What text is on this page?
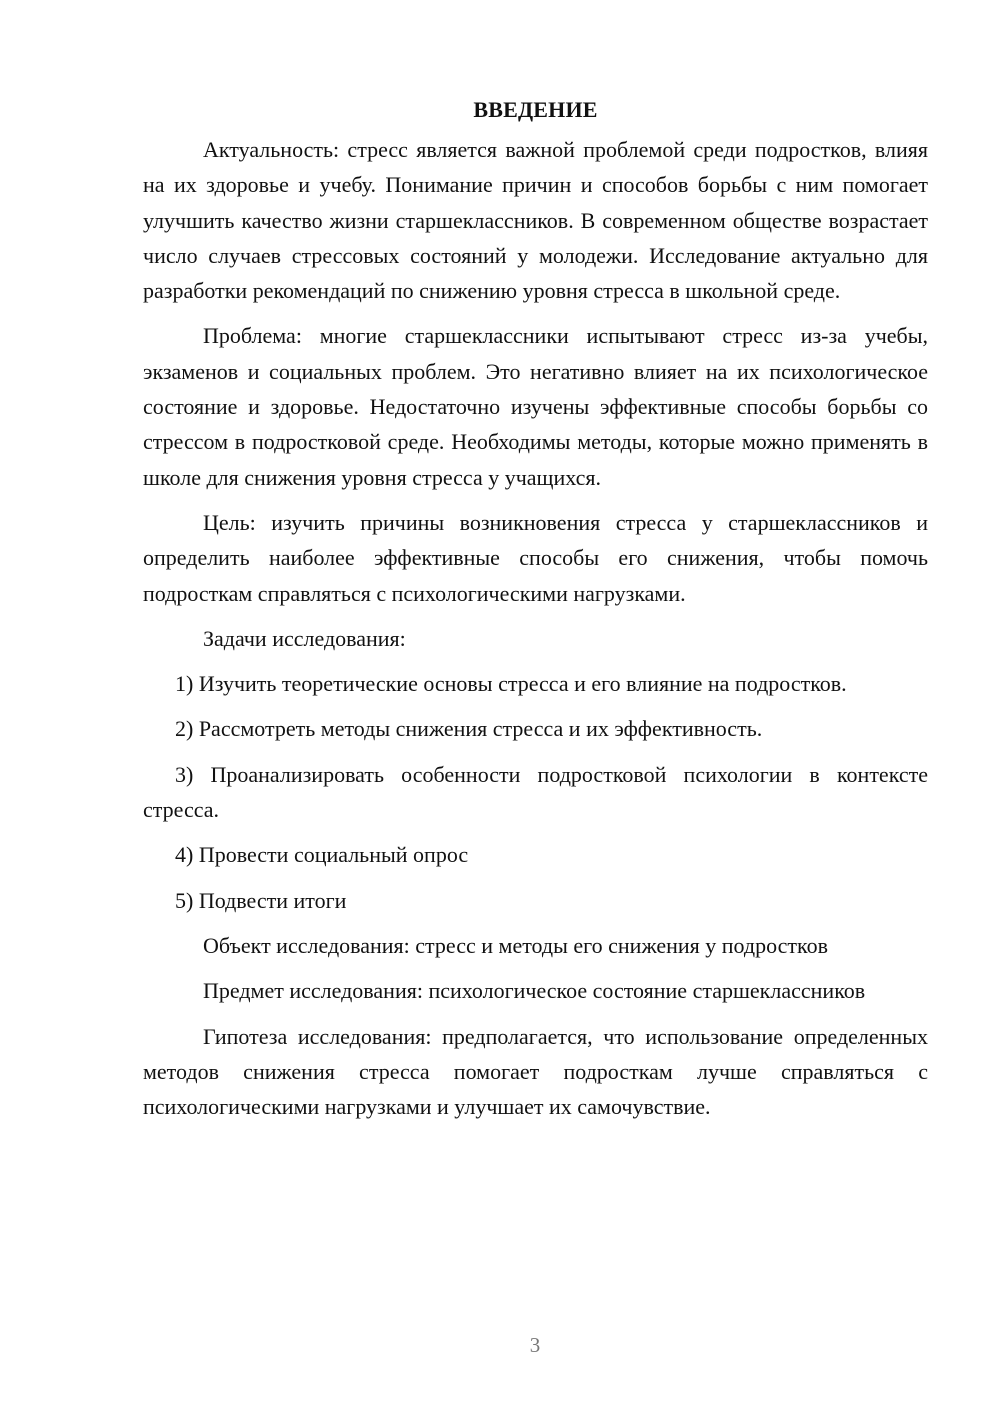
ВВЕДЕНИЕ

Актуальность: стресс является важной проблемой среди подростков, влияя на их здоровье и учебу. Понимание причин и способов борьбы с ним помогает улучшить качество жизни старшеклассников. В современном обществе возрастает число случаев стрессовых состояний у молодежи. Исследование актуально для разработки рекомендаций по снижению уровня стресса в школьной среде.

Проблема: многие старшеклассники испытывают стресс из-за учебы, экзаменов и социальных проблем. Это негативно влияет на их психологическое состояние и здоровье. Недостаточно изучены эффективные способы борьбы со стрессом в подростковой среде. Необходимы методы, которые можно применять в школе для снижения уровня стресса у учащихся.

Цель: изучить причины возникновения стресса у старшеклассников и определить наиболее эффективные способы его снижения, чтобы помочь подросткам справляться с психологическими нагрузками.

Задачи исследования:

1) Изучить теоретические основы стресса и его влияние на подростков.

2) Рассмотреть методы снижения стресса и их эффективность.

3) Проанализировать особенности подростковой психологии в контексте стресса.

4) Провести социальный опрос

5) Подвести итоги

Объект исследования: стресс и методы его снижения у подростков

Предмет исследования: психологическое состояние старшеклассников

Гипотеза исследования: предполагается, что использование определенных методов снижения стресса помогает подросткам лучше справляться с психологическими нагрузками и улучшает их самочувствие.

3
